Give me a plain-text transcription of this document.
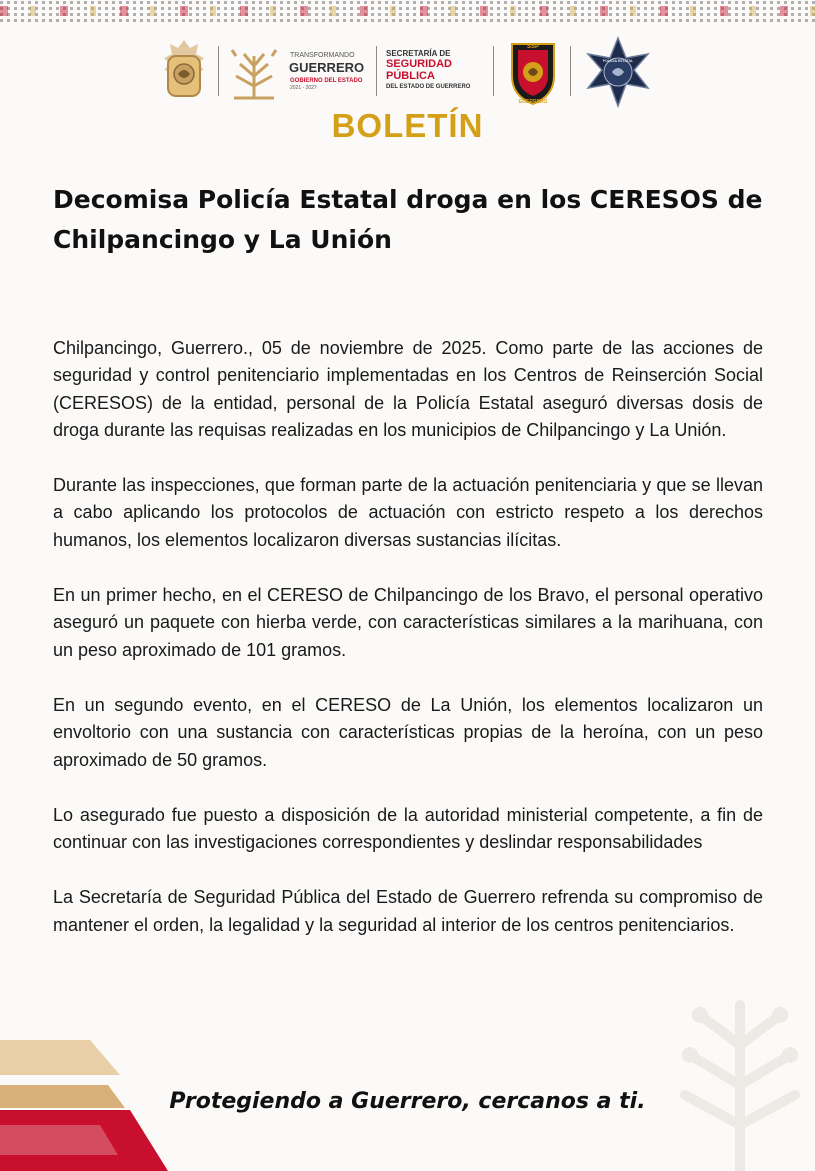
TRANSFORMANDO
GUERRERO
GOBIERNO DEL ESTADO
2021 - 2027
SECRETARÍA DE
SEGURIDAD
PÚBLICA
DEL ESTADO DE GUERRERO
SSP
GUERRERO
POLICÍA ESTATAL
BOLETÍN
Decomisa Policía Estatal droga en los CERESOS de Chilpancingo y La Unión

Chilpancingo, Guerrero., 05 de noviembre de 2025. Como parte de las acciones de seguridad y control penitenciario implementadas en los Centros de Reinserción Social (CERESOS) de la entidad, personal de la Policía Estatal aseguró diversas dosis de droga durante las requisas realizadas en los municipios de Chilpancingo y La Unión.

Durante las inspecciones, que forman parte de la actuación penitenciaria y que se llevan a cabo aplicando los protocolos de actuación con estricto respeto a los derechos humanos, los elementos localizaron diversas sustancias ilícitas.

En un primer hecho, en el CERESO de Chilpancingo de los Bravo, el personal operativo aseguró un paquete con hierba verde, con características similares a la marihuana, con un peso aproximado de 101 gramos.

En un segundo evento, en el CERESO de La Unión, los elementos localizaron un envoltorio con una sustancia con características propias de la heroína, con un peso aproximado de 50 gramos.

Lo asegurado fue puesto a disposición de la autoridad ministerial competente, a fin de continuar con las investigaciones correspondientes y deslindar responsabilidades

La Secretaría de Seguridad Pública del Estado de Guerrero refrenda su compromiso de mantener el orden, la legalidad y la seguridad al interior de los centros penitenciarios.

Protegiendo a Guerrero, cercanos a ti.
